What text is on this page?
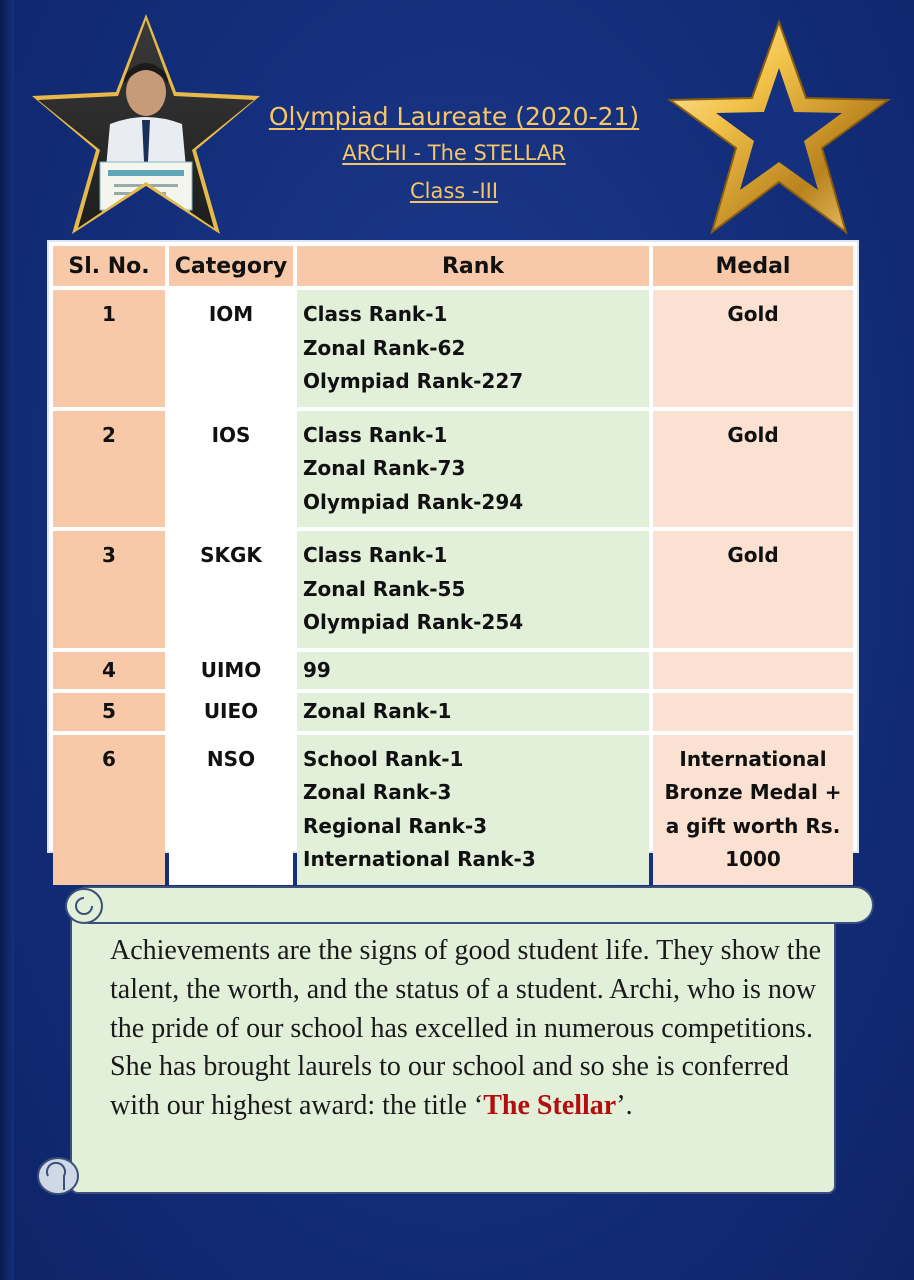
Olympiad Laureate (2020-21)
ARCHI - The STELLAR
Class -III
Sl. No.	Category	Rank	Medal
1	IOM	Class Rank-1
Zonal Rank-62
Olympiad Rank-227	Gold
2	IOS	Class Rank-1
Zonal Rank-73
Olympiad Rank-294	Gold
3	SKGK	Class Rank-1
Zonal Rank-55
Olympiad Rank-254	Gold
4	UIMO	99	

5	UIEO	Zonal Rank-1	

6	NSO	School Rank-1
Zonal Rank-3
Regional Rank-3
International Rank-3	International Bronze Medal + a gift worth Rs. 1000
Achievements are the signs of good student life. They show the talent, the worth, and the status of a student. Archi, who is now the pride of our school has excelled in numerous competitions. She has brought laurels to our school and so she is conferred with our highest award: the title ‘The Stellar’.
